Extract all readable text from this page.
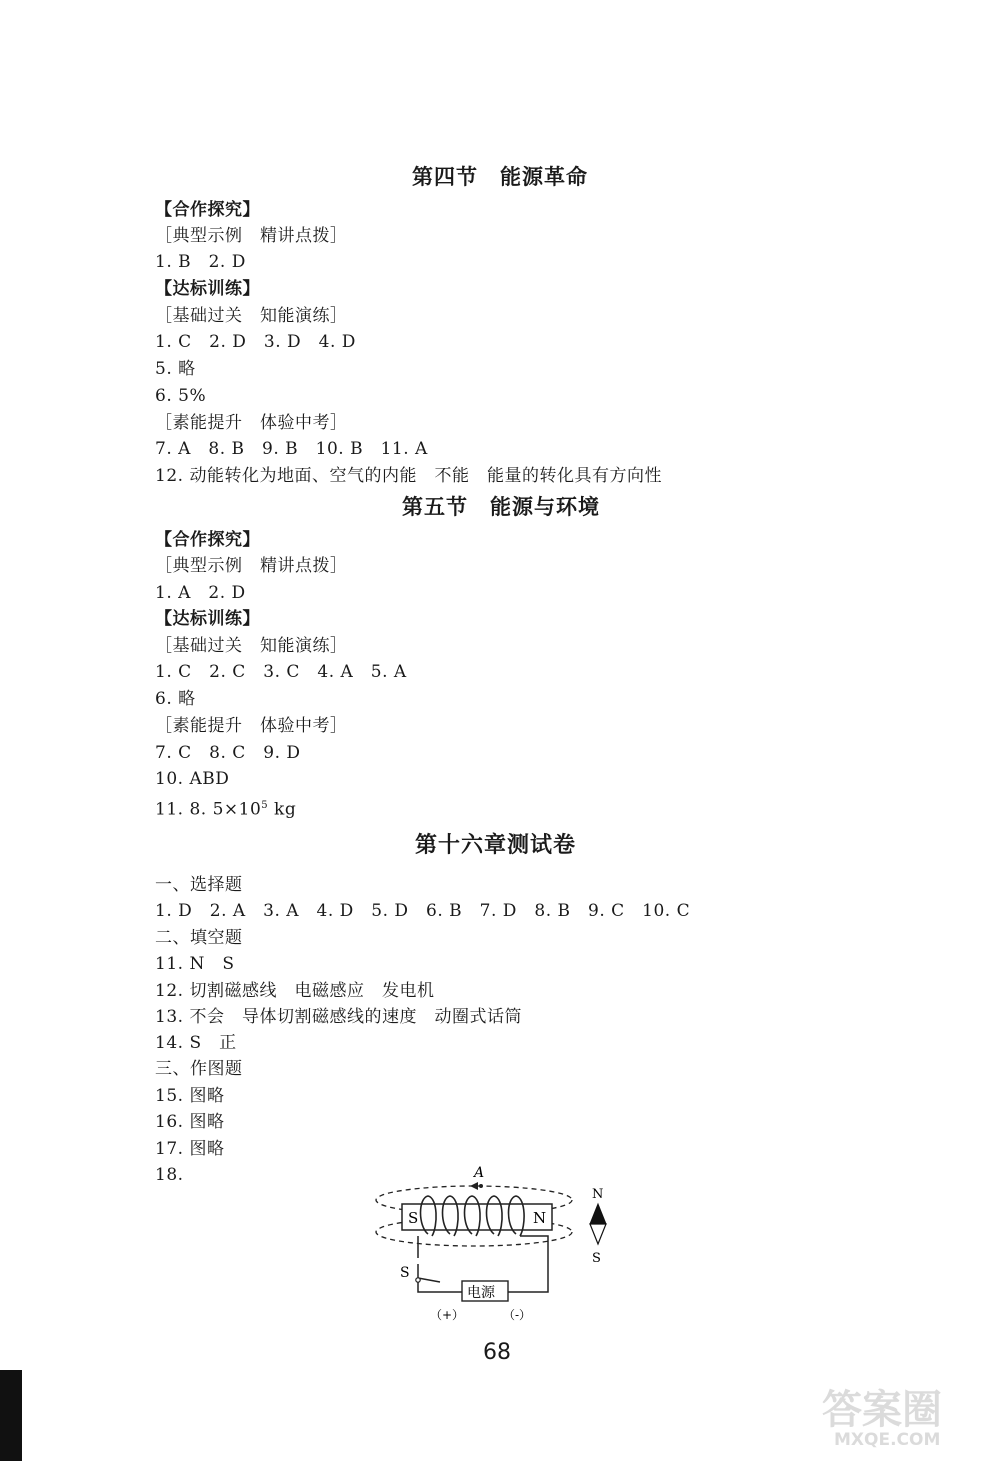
第四节　能源革命
【合作探究】
［典型示例　精讲点拨］
1. B　2. D
【达标训练】
［基础过关　知能演练］
1. C　2. D　3. D　4. D
5. 略
6. 5%
［素能提升　体验中考］
7. A　8. B　9. B　10. B　11. A
12. 动能转化为地面、空气的内能　不能　能量的转化具有方向性
第五节　能源与环境
【合作探究】
［典型示例　精讲点拨］
1. A　2. D
【达标训练】
［基础过关　知能演练］
1. C　2. C　3. C　4. A　5. A
6. 略
［素能提升　体验中考］
7. C　8. C　9. D
10. ABD
11. 8. $5\times 10^5$ kg
第十六章测试卷
一、选择题
1. D　2. A　3. A　4. D　5. D　6. B　7. D　8. B　9. C　10. C
二、填空题
11. N　S
12. 切割磁感线　电磁感应　发电机
13. 不会　导体切割磁感线的速度　动圈式话筒
14. S　正
三、作图题
15. 图略
16. 图略
17. 图略
18.	A
S	N
S
电源
（+）	（-）
N
S
68
答案圈
MXQE.COM
